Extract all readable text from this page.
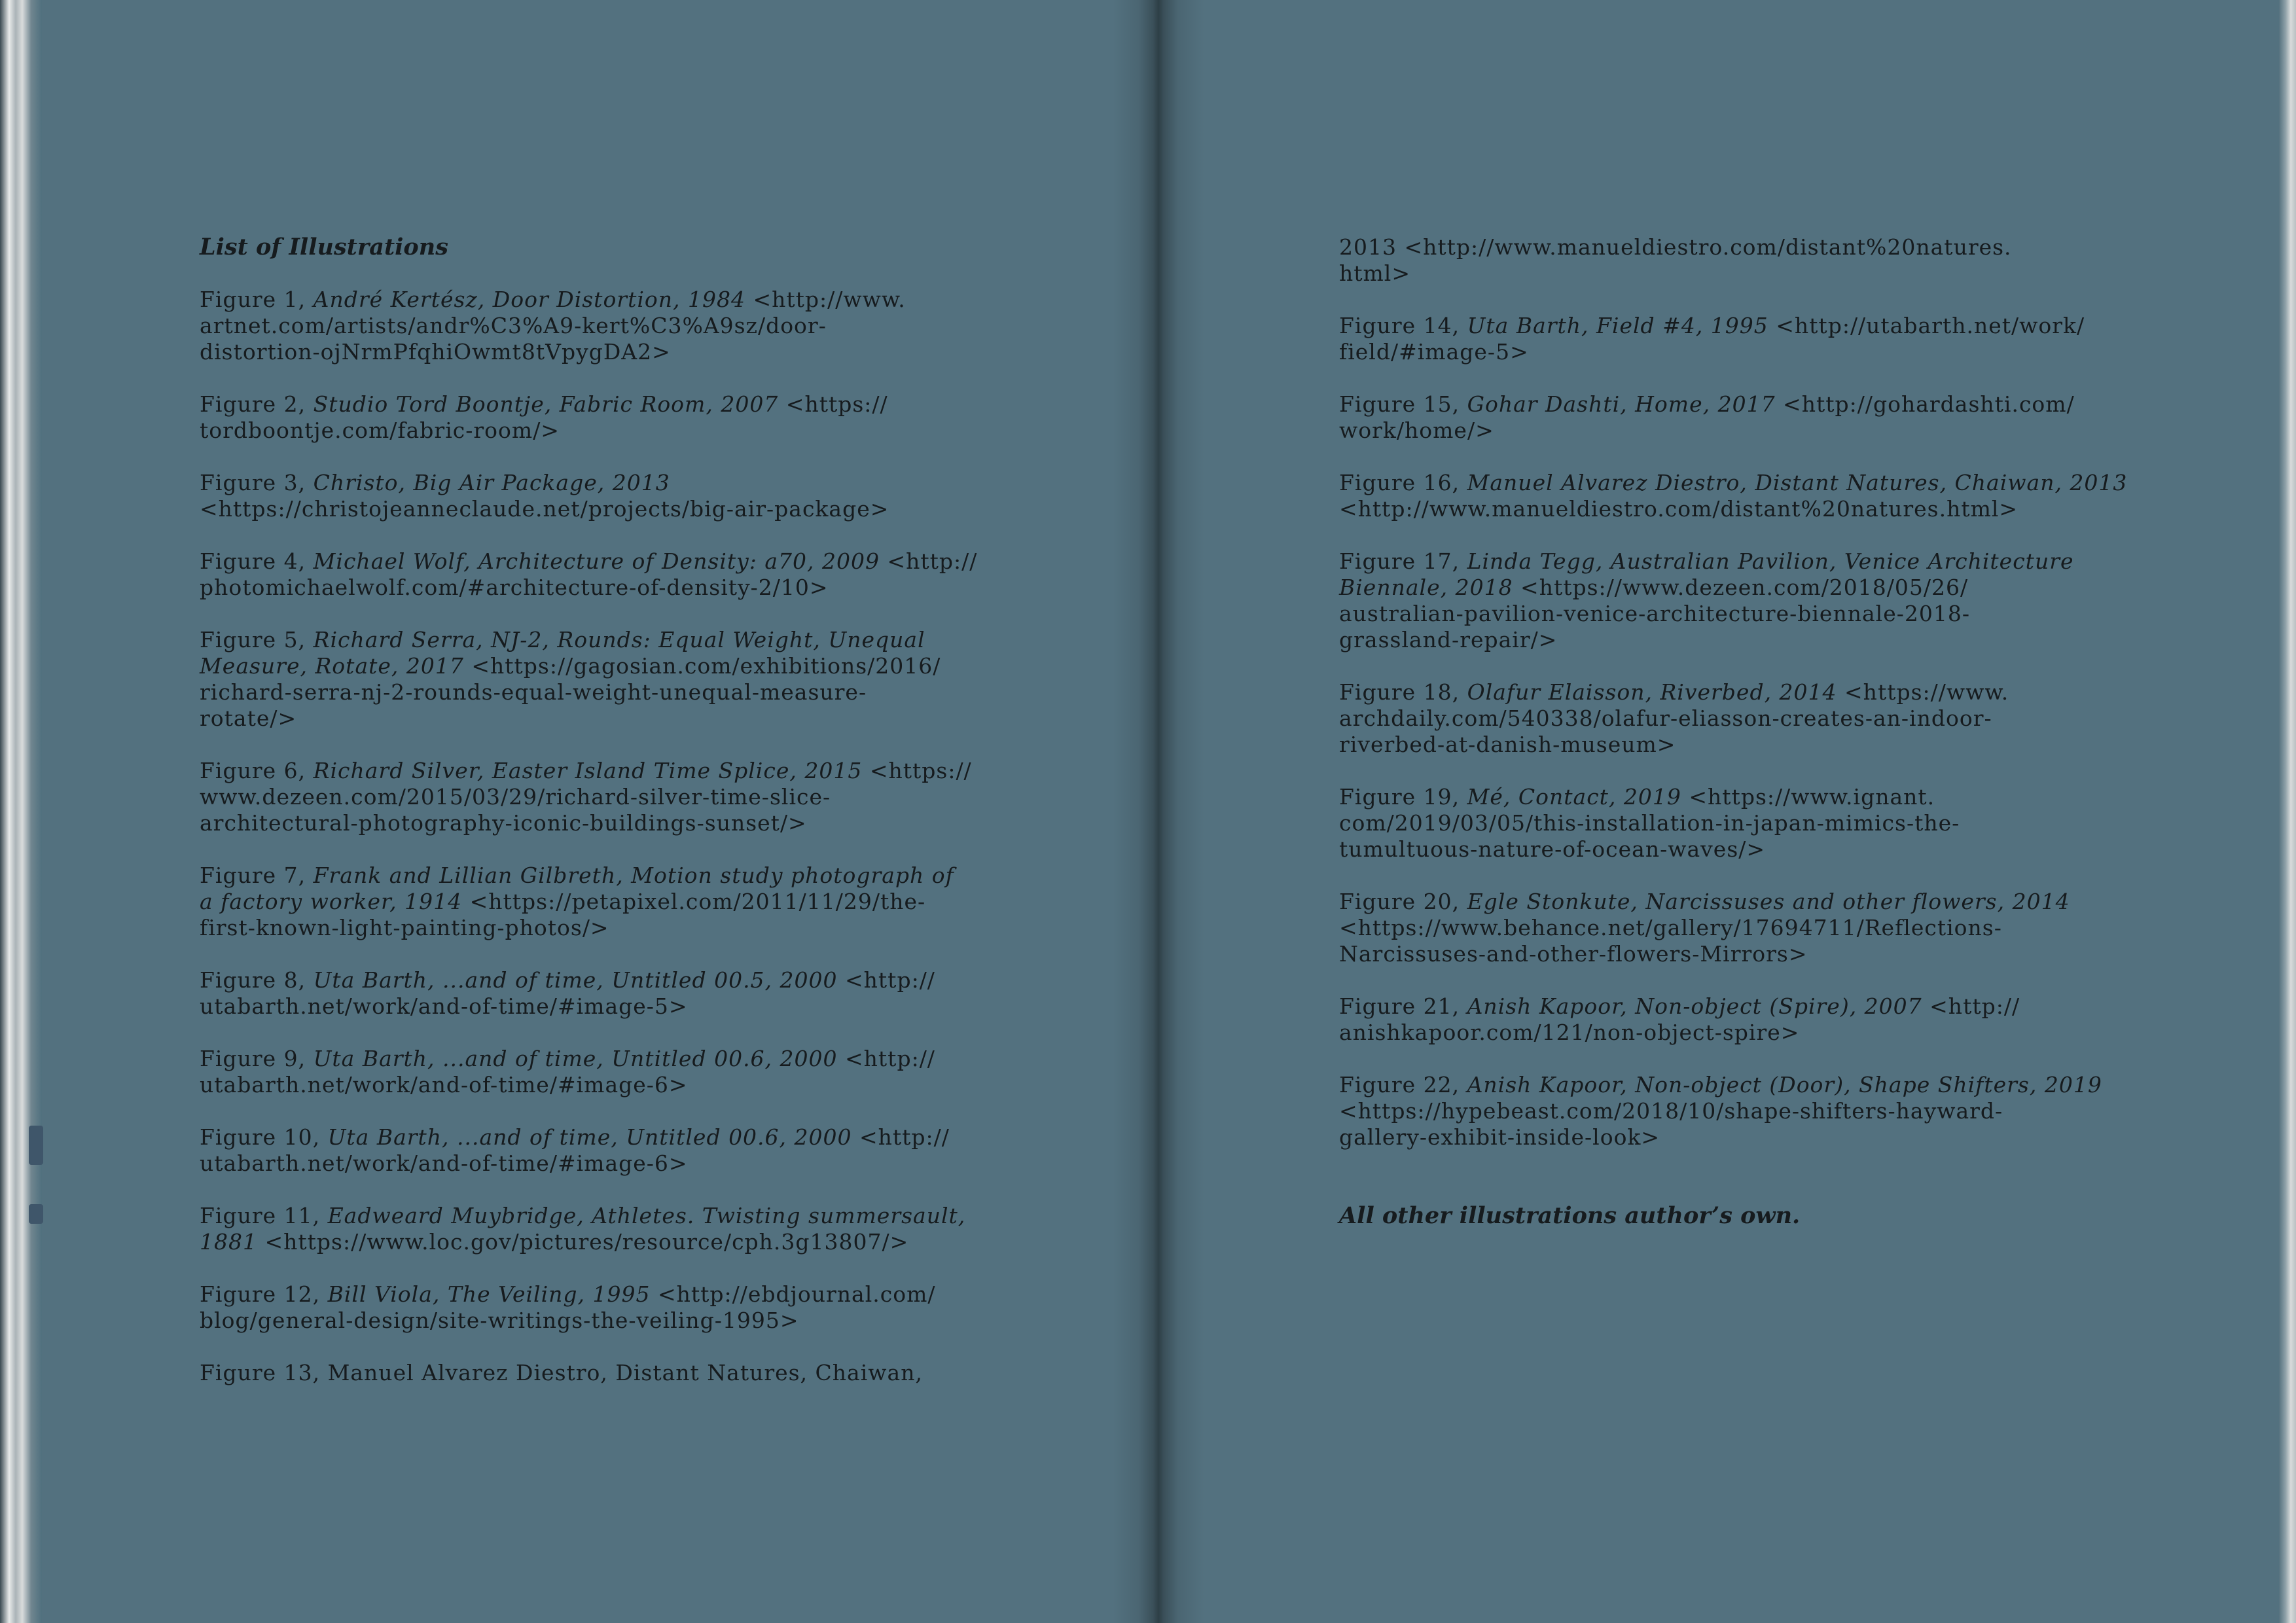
List of Illustrations

Figure 1, André Kertész, Door Distortion, 1984 <http://www.
artnet.com/artists/andr%C3%A9-kert%C3%A9sz/door-
distortion-ojNrmPfqhiOwmt8tVpygDA2>

Figure 2, Studio Tord Boontje, Fabric Room, 2007 <https://
tordboontje.com/fabric-room/>

Figure 3, Christo, Big Air Package, 2013
<https://christojeanneclaude.net/projects/big-air-package>

Figure 4, Michael Wolf, Architecture of Density: a70, 2009 <http://
photomichaelwolf.com/#architecture-of-density-2/10>

Figure 5, Richard Serra, NJ-2, Rounds: Equal Weight, Unequal
Measure, Rotate, 2017 <https://gagosian.com/exhibitions/2016/
richard-serra-nj-2-rounds-equal-weight-unequal-measure-
rotate/>

Figure 6, Richard Silver, Easter Island Time Splice, 2015 <https://
www.dezeen.com/2015/03/29/richard-silver-time-slice-
architectural-photography-iconic-buildings-sunset/>

Figure 7, Frank and Lillian Gilbreth, Motion study photograph of
a factory worker, 1914 <https://petapixel.com/2011/11/29/the-
first-known-light-painting-photos/>

Figure 8, Uta Barth, ...and of time, Untitled 00.5, 2000 <http://
utabarth.net/work/and-of-time/#image-5>

Figure 9, Uta Barth, ...and of time, Untitled 00.6, 2000 <http://
utabarth.net/work/and-of-time/#image-6>

Figure 10, Uta Barth, ...and of time, Untitled 00.6, 2000 <http://
utabarth.net/work/and-of-time/#image-6>

Figure 11, Eadweard Muybridge, Athletes. Twisting summersault,
1881 <https://www.loc.gov/pictures/resource/cph.3g13807/>

Figure 12, Bill Viola, The Veiling, 1995 <http://ebdjournal.com/
blog/general-design/site-writings-the-veiling-1995>

Figure 13, Manuel Alvarez Diestro, Distant Natures, Chaiwan,

2013 <http://www.manueldiestro.com/distant%20natures.
html>

Figure 14, Uta Barth, Field #4, 1995 <http://utabarth.net/work/
field/#image-5>

Figure 15, Gohar Dashti, Home, 2017 <http://gohardashti.com/
work/home/>

Figure 16, Manuel Alvarez Diestro, Distant Natures, Chaiwan, 2013
<http://www.manueldiestro.com/distant%20natures.html>

Figure 17, Linda Tegg, Australian Pavilion, Venice Architecture
Biennale, 2018 <https://www.dezeen.com/2018/05/26/
australian-pavilion-venice-architecture-biennale-2018-
grassland-repair/>

Figure 18, Olafur Elaisson, Riverbed, 2014 <https://www.
archdaily.com/540338/olafur-eliasson-creates-an-indoor-
riverbed-at-danish-museum>

Figure 19, Mé, Contact, 2019 <https://www.ignant.
com/2019/03/05/this-installation-in-japan-mimics-the-
tumultuous-nature-of-ocean-waves/>

Figure 20, Egle Stonkute, Narcissuses and other flowers, 2014
<https://www.behance.net/gallery/17694711/Reflections-
Narcissuses-and-other-flowers-Mirrors>

Figure 21, Anish Kapoor, Non-object (Spire), 2007 <http://
anishkapoor.com/121/non-object-spire>

Figure 22, Anish Kapoor, Non-object (Door), Shape Shifters, 2019
<https://hypebeast.com/2018/10/shape-shifters-hayward-
gallery-exhibit-inside-look>

All other illustrations author’s own.
